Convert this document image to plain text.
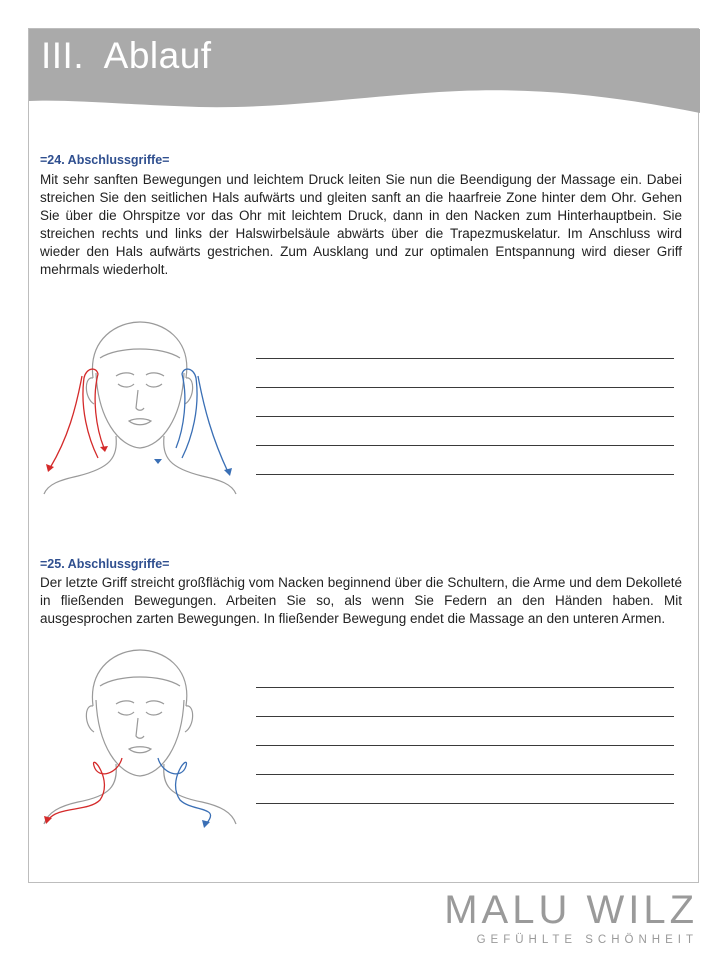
III.  Ablauf

=24. Abschlussgriffe=

Mit sehr sanften Bewegungen und leichtem Druck leiten Sie nun die Beendigung der Massage ein. Dabei streichen Sie den seitlichen Hals aufwärts und gleiten sanft an die haarfreie Zone hinter dem Ohr. Gehen Sie über die Ohrspitze vor das Ohr mit leichtem Druck, dann in den Nacken zum Hinterhauptbein. Sie streichen rechts und links der Halswirbelsäule abwärts über die Trapezmuskelatur. Im Anschluss wird wieder den Hals aufwärts gestrichen. Zum Ausklang und zur optimalen Entspannung wird dieser Griff mehrmals wiederholt.

=25. Abschlussgriffe=

Der letzte Griff streicht großflächig vom Nacken beginnend über die Schultern, die Arme und dem Dekolleté in fließenden Bewegungen. Arbeiten Sie so, als wenn Sie Federn an den Händen haben. Mit ausgesprochen zarten Bewegungen. In fließender Bewegung endet die Massage an den unteren Armen.

MALU WILZ

GEFÜHLTE SCHÖNHEIT
